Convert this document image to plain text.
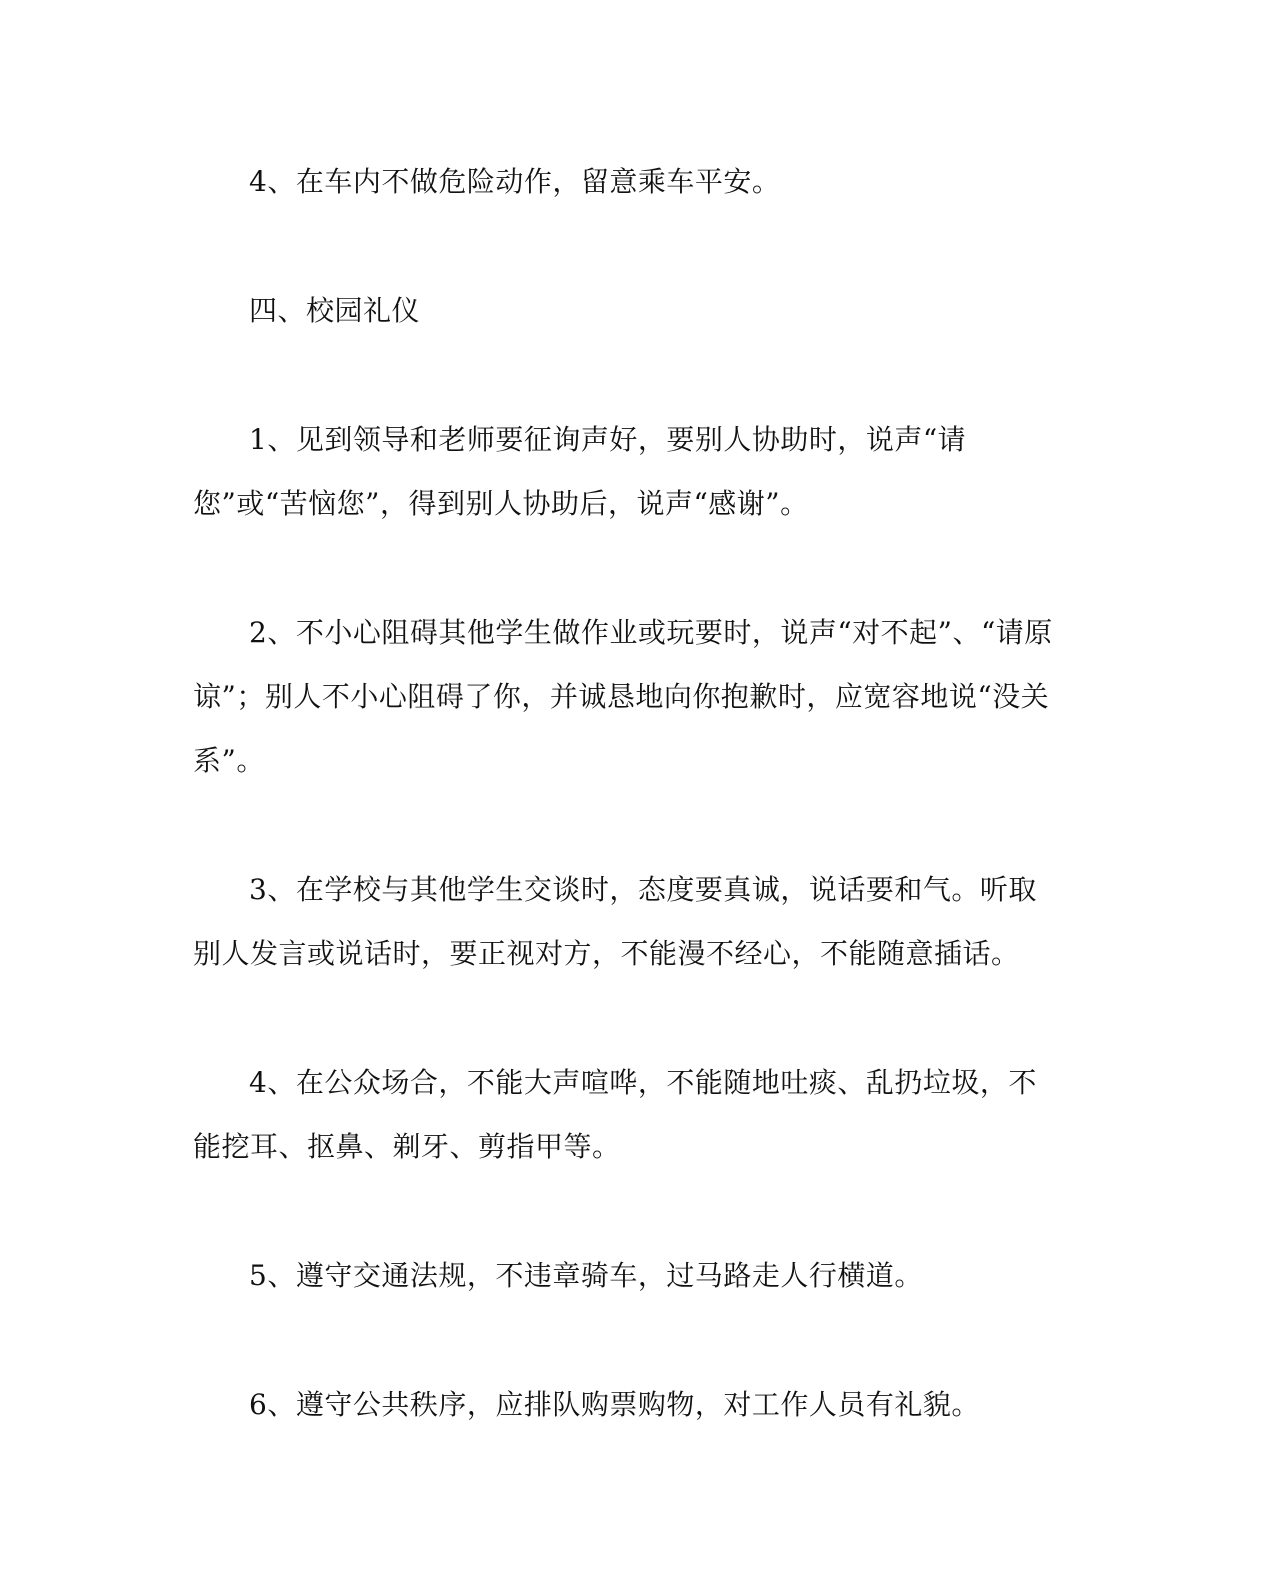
4、在车内不做危险动作，留意乘车平安。

四、校园礼仪

1、见到领导和老师要征询声好，要别人协助时，说声“请您”或“苦恼您”，得到别人协助后，说声“感谢”。

2、不小心阻碍其他学生做作业或玩要时，说声“对不起”、“请原谅”；别人不小心阻碍了你，并诚恳地向你抱歉时，应宽容地说“没关系”。

3、在学校与其他学生交谈时，态度要真诚，说话要和气。听取别人发言或说话时，要正视对方，不能漫不经心，不能随意插话。

4、在公众场合，不能大声喧哗，不能随地吐痰、乱扔垃圾，不能挖耳、抠鼻、剃牙、剪指甲等。

5、遵守交通法规，不违章骑车，过马路走人行横道。

6、遵守公共秩序，应排队购票购物，对工作人员有礼貌。
